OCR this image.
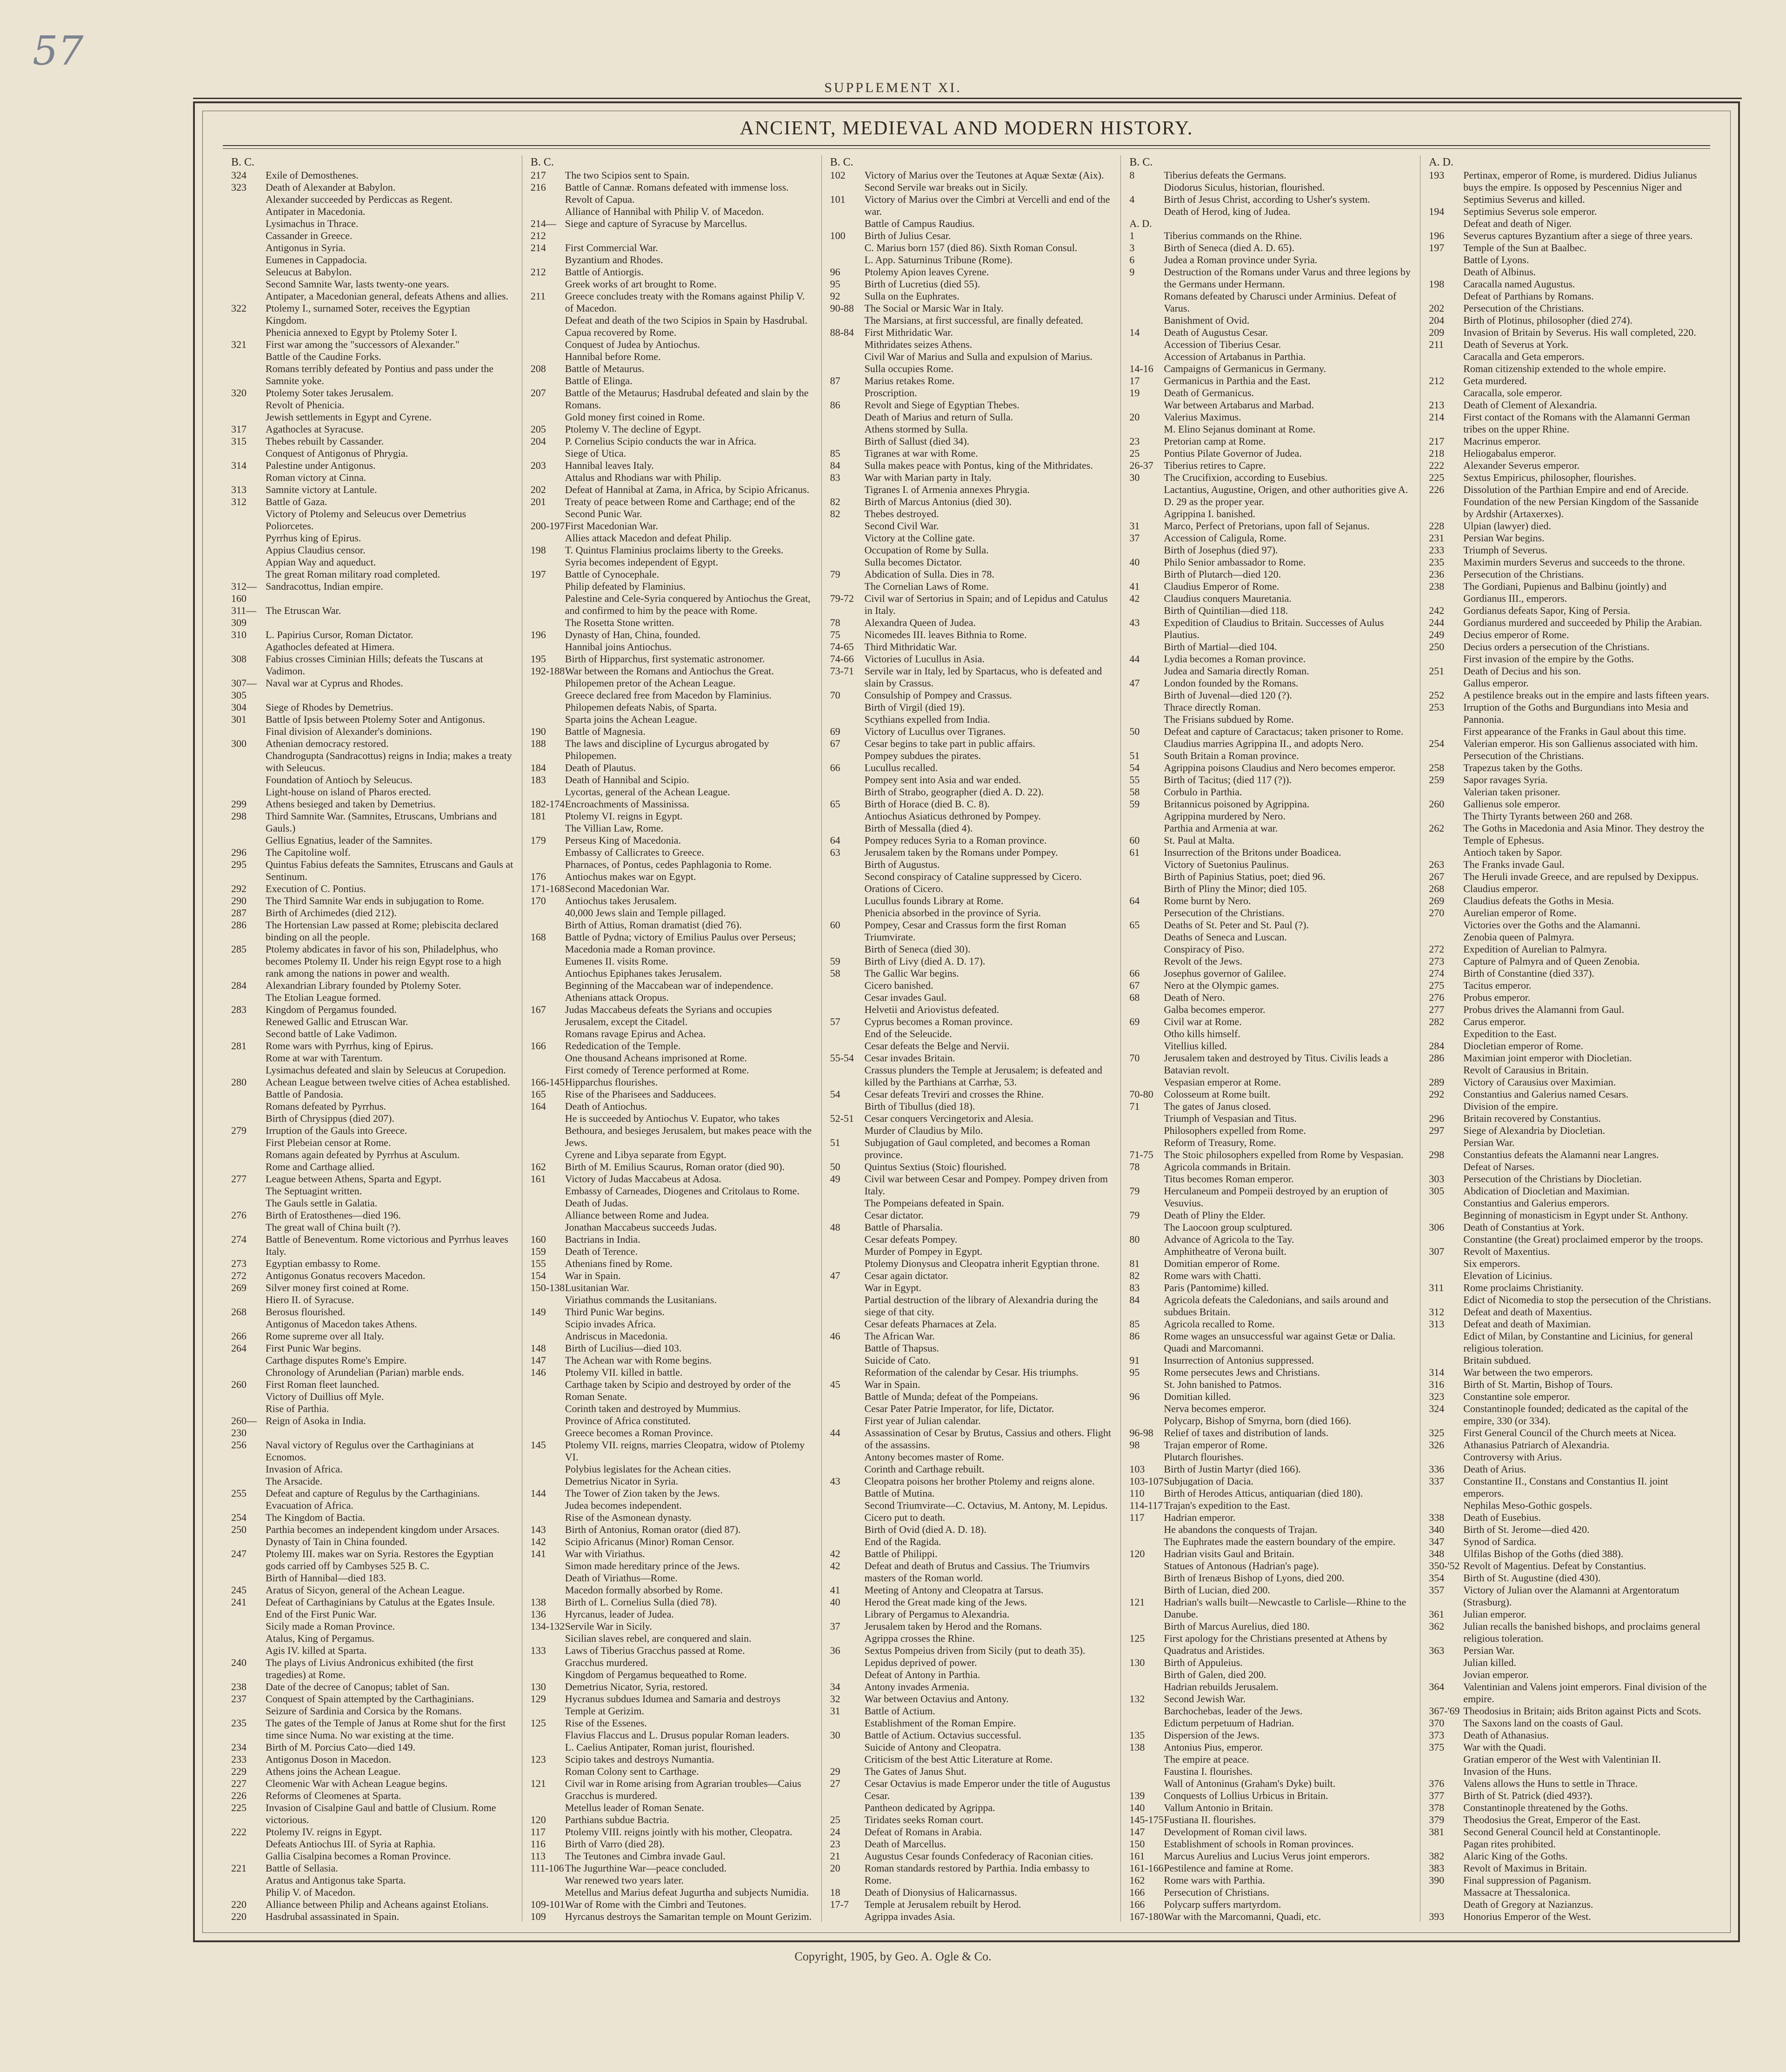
57
SUPPLEMENT XI.
ANCIENT, MEDIEVAL AND MODERN HISTORY.
B. C.
324	Exile of Demosthenes.
323	Death of Alexander at Babylon.
Alexander succeeded by Perdiccas as Regent.
Antipater in Macedonia.
Lysimachus in Thrace.
Cassander in Greece.
Antigonus in Syria.
Eumenes in Cappadocia.
Seleucus at Babylon.
Second Samnite War, lasts twenty-one years.
Antipater, a Macedonian general, defeats Athens and allies.
322	Ptolemy I., surnamed Soter, receives the Egyptian Kingdom.
Phenicia annexed to Egypt by Ptolemy Soter I.
321	First war among the "successors of Alexander."
Battle of the Caudine Forks.
Romans terribly defeated by Pontius and pass under the Samnite yoke.
320	Ptolemy Soter takes Jerusalem.
Revolt of Phenicia.
Jewish settlements in Egypt and Cyrene.
317	Agathocles at Syracuse.
315	Thebes rebuilt by Cassander.
Conquest of Antigonus of Phrygia.
314	Palestine under Antigonus.
Roman victory at Cinna.
313	Samnite victory at Lantule.
312	Battle of Gaza.
Victory of Ptolemy and Seleucus over Demetrius Poliorcetes.
Pyrrhus king of Epirus.
Appius Claudius censor.
Appian Way and aqueduct.
The great Roman military road completed.
312—160
Sandracottus, Indian empire.
311—309
The Etruscan War.
310	L. Papirius Cursor, Roman Dictator.
Agathocles defeated at Himera.
308	Fabius crosses Ciminian Hills; defeats the Tuscans at Vadimon.
307—305
Naval war at Cyprus and Rhodes.
304	Siege of Rhodes by Demetrius.
301	Battle of Ipsis between Ptolemy Soter and Antigonus.
Final division of Alexander's dominions.
300	Athenian democracy restored.
Chandrogupta (Sandracottus) reigns in India; makes a treaty with Seleucus.
Foundation of Antioch by Seleucus.
Light-house on island of Pharos erected.
299	Athens besieged and taken by Demetrius.
298	Third Samnite War. (Samnites, Etruscans, Umbrians and Gauls.)
Gellius Egnatius, leader of the Samnites.
296	The Capitoline wolf.
295	Quintus Fabius defeats the Samnites, Etruscans and Gauls at Sentinum.
292	Execution of C. Pontius.
290	The Third Samnite War ends in subjugation to Rome.
287	Birth of Archimedes (died 212).
286	The Hortensian Law passed at Rome; plebiscita declared binding on all the people.
285	Ptolemy abdicates in favor of his son, Philadelphus, who becomes Ptolemy II. Under his reign Egypt rose to a high rank among the nations in power and wealth.
284	Alexandrian Library founded by Ptolemy Soter.
The Etolian League formed.
283	Kingdom of Pergamus founded.
Renewed Gallic and Etruscan War.
Second battle of Lake Vadimon.
281	Rome wars with Pyrrhus, king of Epirus.
Rome at war with Tarentum.
Lysimachus defeated and slain by Seleucus at Corupedion.
280	Achean League between twelve cities of Achea established.
Battle of Pandosia.
Romans defeated by Pyrrhus.
Birth of Chrysippus (died 207).
279	Irruption of the Gauls into Greece.
First Plebeian censor at Rome.
Romans again defeated by Pyrrhus at Asculum.
Rome and Carthage allied.
277	League between Athens, Sparta and Egypt.
The Septuagint written.
The Gauls settle in Galatia.
276	Birth of Eratosthenes—died 196.
The great wall of China built (?).
274	Battle of Beneventum. Rome victorious and Pyrrhus leaves Italy.
273	Egyptian embassy to Rome.
272	Antigonus Gonatus recovers Macedon.
269	Silver money first coined at Rome.
Hiero II. of Syracuse.
268	Berosus flourished.
Antigonus of Macedon takes Athens.
266	Rome supreme over all Italy.
264	First Punic War begins.
Carthage disputes Rome's Empire.
Chronology of Arundelian (Parian) marble ends.
260	First Roman fleet launched.
Victory of Duillius off Myle.
Rise of Parthia.
260—230
Reign of Asoka in India.
256	Naval victory of Regulus over the Carthaginians at Ecnomos.
Invasion of Africa.
The Arsacide.
255	Defeat and capture of Regulus by the Carthaginians.
Evacuation of Africa.
254	The Kingdom of Bactia.
250	Parthia becomes an independent kingdom under Arsaces.
Dynasty of Tain in China founded.
247	Ptolemy III. makes war on Syria. Restores the Egyptian gods carried off by Cambyses 525 B. C.
Birth of Hannibal—died 183.
245	Aratus of Sicyon, general of the Achean League.
241	Defeat of Carthaginians by Catulus at the Egates Insule.
End of the First Punic War.
Sicily made a Roman Province.
Atalus, King of Pergamus.
Agis IV. killed at Sparta.
240	The plays of Livius Andronicus exhibited (the first tragedies) at Rome.
238	Date of the decree of Canopus; tablet of San.
237	Conquest of Spain attempted by the Carthaginians.
Seizure of Sardinia and Corsica by the Romans.
235	The gates of the Temple of Janus at Rome shut for the first time since Numa. No war existing at the time.
234	Birth of M. Porcius Cato—died 149.
233	Antigonus Doson in Macedon.
229	Athens joins the Achean League.
227	Cleomenic War with Achean League begins.
226	Reforms of Cleomenes at Sparta.
225	Invasion of Cisalpine Gaul and battle of Clusium. Rome victorious.
222	Ptolemy IV. reigns in Egypt.
Defeats Antiochus III. of Syria at Raphia.
Gallia Cisalpina becomes a Roman Province.
221	Battle of Sellasia.
Aratus and Antigonus take Sparta.
Philip V. of Macedon.
220	Alliance between Philip and Acheans against Etolians.
220	Hasdrubal assassinated in Spain.
B. C.
217	The two Scipios sent to Spain.
216	Battle of Cannæ. Romans defeated with immense loss.
Revolt of Capua.
Alliance of Hannibal with Philip V. of Macedon.
214—212
Siege and capture of Syracuse by Marcellus.
214	First Commercial War.
Byzantium and Rhodes.
212	Battle of Antiorgis.
Greek works of art brought to Rome.
211	Greece concludes treaty with the Romans against Philip V. of Macedon.
Defeat and death of the two Scipios in Spain by Hasdrubal.
Capua recovered by Rome.
Conquest of Judea by Antiochus.
Hannibal before Rome.
208	Battle of Metaurus.
Battle of Elinga.
207	Battle of the Metaurus; Hasdrubal defeated and slain by the Romans.
Gold money first coined in Rome.
205	Ptolemy V. The decline of Egypt.
204	P. Cornelius Scipio conducts the war in Africa.
Siege of Utica.
203	Hannibal leaves Italy.
Attalus and Rhodians war with Philip.
202	Defeat of Hannibal at Zama, in Africa, by Scipio Africanus.
201	Treaty of peace between Rome and Carthage; end of the Second Punic War.
200-197 First Macedonian War.
Allies attack Macedon and defeat Philip.
198	T. Quintus Flaminius proclaims liberty to the Greeks.
Syria becomes independent of Egypt.
197	Battle of Cynocephale.
Philip defeated by Flaminius.
Palestine and Cele-Syria conquered by Antiochus the Great, and confirmed to him by the peace with Rome.
The Rosetta Stone written.
196	Dynasty of Han, China, founded.
Hannibal joins Antiochus.
195	Birth of Hipparchus, first systematic astronomer.
192-188 War between the Romans and Antiochus the Great.
Philopemen pretor of the Achean League.
Greece declared free from Macedon by Flaminius.
Philopemen defeats Nabis, of Sparta.
Sparta joins the Achean League.
190	Battle of Magnesia.
188	The laws and discipline of Lycurgus abrogated by Philopemen.
184	Death of Plautus.
183	Death of Hannibal and Scipio.
Lycortas, general of the Achean League.
182-174 Encroachments of Massinissa.
181	Ptolemy VI. reigns in Egypt.
The Villian Law, Rome.
179	Perseus King of Macedonia.
Embassy of Callicrates to Greece.
Pharnaces, of Pontus, cedes Paphlagonia to Rome.
176	Antiochus makes war on Egypt.
171-168 Second Macedonian War.
170	Antiochus takes Jerusalem.
40,000 Jews slain and Temple pillaged.
Birth of Attius, Roman dramatist (died 76).
168	Battle of Pydna; victory of Emilius Paulus over Perseus; Macedonia made a Roman province.
Eumenes II. visits Rome.
Antiochus Epiphanes takes Jerusalem.
Beginning of the Maccabean war of independence.
Athenians attack Oropus.
167	Judas Maccabeus defeats the Syrians and occupies Jerusalem, except the Citadel.
Romans ravage Epirus and Achea.
166	Rededication of the Temple.
One thousand Acheans imprisoned at Rome.
First comedy of Terence performed at Rome.
166-145 Hipparchus flourishes.
165	Rise of the Pharisees and Sadducees.
164	Death of Antiochus.
He is succeeded by Antiochus V. Eupator, who takes Bethoura, and besieges Jerusalem, but makes peace with the Jews.
Cyrene and Libya separate from Egypt.
162	Birth of M. Emilius Scaurus, Roman orator (died 90).
161	Victory of Judas Maccabeus at Adosa.
Embassy of Carneades, Diogenes and Critolaus to Rome.
Death of Judas.
Alliance between Rome and Judea.
Jonathan Maccabeus succeeds Judas.
160	Bactrians in India.
159	Death of Terence.
155	Athenians fined by Rome.
154	War in Spain.
150-138 Lusitanian War.
Viriathus commands the Lusitanians.
149	Third Punic War begins.
Scipio invades Africa.
Andriscus in Macedonia.
148	Birth of Lucilius—died 103.
147	The Achean war with Rome begins.
146	Ptolemy VII. killed in battle.
Carthage taken by Scipio and destroyed by order of the Roman Senate.
Corinth taken and destroyed by Mummius.
Province of Africa constituted.
Greece becomes a Roman Province.
145	Ptolemy VII. reigns, marries Cleopatra, widow of Ptolemy VI.
Polybius legislates for the Achean cities.
Demetrius Nicator in Syria.
144	The Tower of Zion taken by the Jews.
Judea becomes independent.
Rise of the Asmonean dynasty.
143	Birth of Antonius, Roman orator (died 87).
142	Scipio Africanus (Minor) Roman Censor.
141	War with Viriathus.
Simon made hereditary prince of the Jews.
Death of Viriathus—Rome.
Macedon formally absorbed by Rome.
138	Birth of L. Cornelius Sulla (died 78).
136	Hyrcanus, leader of Judea.
134-132 Servile War in Sicily.
Sicilian slaves rebel, are conquered and slain.
133	Laws of Tiberius Gracchus passed at Rome.
Gracchus murdered.
Kingdom of Pergamus bequeathed to Rome.
130	Demetrius Nicator, Syria, restored.
129	Hycranus subdues Idumea and Samaria and destroys Temple at Gerizim.
125	Rise of the Essenes.
Flavius Flaccus and L. Drusus popular Roman leaders.
L. Caelius Antipater, Roman jurist, flourished.
123	Scipio takes and destroys Numantia.
Roman Colony sent to Carthage.
121	Civil war in Rome arising from Agrarian troubles—Caius Gracchus is murdered.
Metellus leader of Roman Senate.
120	Parthians subdue Bactria.
117	Ptolemy VIII. reigns jointly with his mother, Cleopatra.
116	Birth of Varro (died 28).
113	The Teutones and Cimbra invade Gaul.
111-106 The Jugurthine War—peace concluded.
War renewed two years later.
Metellus and Marius defeat Jugurtha and subjects Numidia.
109-101 War of Rome with the Cimbri and Teutones.
109	Hyrcanus destroys the Samaritan temple on Mount Gerizim.
B. C.
102	Victory of Marius over the Teutones at Aquæ Sextæ (Aix).
Second Servile war breaks out in Sicily.
101	Victory of Marius over the Cimbri at Vercelli and end of the war.
Battle of Campus Raudius.
100	Birth of Julius Cesar.
C. Marius born 157 (died 86). Sixth Roman Consul.
L. App. Saturninus Tribune (Rome).
96	Ptolemy Apion leaves Cyrene.
95	Birth of Lucretius (died 55).
92	Sulla on the Euphrates.
90-88	The Social or Marsic War in Italy.
The Marsians, at first successful, are finally defeated.
88-84	First Mithridatic War.
Mithridates seizes Athens.
Civil War of Marius and Sulla and expulsion of Marius.
Sulla occupies Rome.
87	Marius retakes Rome.
Proscription.
86	Revolt and Siege of Egyptian Thebes.
Death of Marius and return of Sulla.
Athens stormed by Sulla.
Birth of Sallust (died 34).
85	Tigranes at war with Rome.
84	Sulla makes peace with Pontus, king of the Mithridates.
83	War with Marian party in Italy.
Tigranes I. of Armenia annexes Phrygia.
82	Birth of Marcus Antonius (died 30).
82	Thebes destroyed.
Second Civil War.
Victory at the Colline gate.
Occupation of Rome by Sulla.
Sulla becomes Dictator.
79	Abdication of Sulla. Dies in 78.
The Cornelian Laws of Rome.
79-72	Civil war of Sertorius in Spain; and of Lepidus and Catulus in Italy.
78	Alexandra Queen of Judea.
75	Nicomedes III. leaves Bithnia to Rome.
74-65	Third Mithridatic War.
74-66	Victories of Lucullus in Asia.
73-71	Servile war in Italy, led by Spartacus, who is defeated and slain by Crassus.
70	Consulship of Pompey and Crassus.
Birth of Virgil (died 19).
Scythians expelled from India.
69	Victory of Lucullus over Tigranes.
67	Cesar begins to take part in public affairs.
Pompey subdues the pirates.
66	Lucullus recalled.
Pompey sent into Asia and war ended.
Birth of Strabo, geographer (died A. D. 22).
65	Birth of Horace (died B. C. 8).
Antiochus Asiaticus dethroned by Pompey.
Birth of Messalla (died 4).
64	Pompey reduces Syria to a Roman province.
63	Jerusalem taken by the Romans under Pompey.
Birth of Augustus.
Second conspiracy of Cataline suppressed by Cicero.
Orations of Cicero.
Lucullus founds Library at Rome.
Phenicia absorbed in the province of Syria.
60	Pompey, Cesar and Crassus form the first Roman Triumvirate.
Birth of Seneca (died 30).
59	Birth of Livy (died A. D. 17).
58	The Gallic War begins.
Cicero banished.
Cesar invades Gaul.
Helvetii and Ariovistus defeated.
57	Cyprus becomes a Roman province.
End of the Seleucide.
Cesar defeats the Belge and Nervii.
55-54	Cesar invades Britain.
Crassus plunders the Temple at Jerusalem; is defeated and killed by the Parthians at Carrhæ, 53.
54	Cesar defeats Treviri and crosses the Rhine.
Birth of Tibullus (died 18).
52-51	Cesar conquers Vercingetorix and Alesia.
Murder of Claudius by Milo.
51	Subjugation of Gaul completed, and becomes a Roman province.
50	Quintus Sextius (Stoic) flourished.
49	Civil war between Cesar and Pompey. Pompey driven from Italy.
The Pompeians defeated in Spain.
Cesar dictator.
48	Battle of Pharsalia.
Cesar defeats Pompey.
Murder of Pompey in Egypt.
Ptolemy Dionysus and Cleopatra inherit Egyptian throne.
47	Cesar again dictator.
War in Egypt.
Partial destruction of the library of Alexandria during the siege of that city.
Cesar defeats Pharnaces at Zela.
46	The African War.
Battle of Thapsus.
Suicide of Cato.
Reformation of the calendar by Cesar. His triumphs.
45	War in Spain.
Battle of Munda; defeat of the Pompeians.
Cesar Pater Patrie Imperator, for life, Dictator.
First year of Julian calendar.
44	Assassination of Cesar by Brutus, Cassius and others. Flight of the assassins.
Antony becomes master of Rome.
Corinth and Carthage rebuilt.
43	Cleopatra poisons her brother Ptolemy and reigns alone.
Battle of Mutina.
Second Triumvirate—C. Octavius, M. Antony, M. Lepidus.
Cicero put to death.
Birth of Ovid (died A. D. 18).
End of the Ragida.
42	Battle of Philippi.
42	Defeat and death of Brutus and Cassius. The Triumvirs masters of the Roman world.
41	Meeting of Antony and Cleopatra at Tarsus.
40	Herod the Great made king of the Jews.
Library of Pergamus to Alexandria.
37	Jerusalem taken by Herod and the Romans.
Agrippa crosses the Rhine.
36	Sextus Pompeius driven from Sicily (put to death 35).
Lepidus deprived of power.
Defeat of Antony in Parthia.
34	Antony invades Armenia.
32	War between Octavius and Antony.
31	Battle of Actium.
Establishment of the Roman Empire.
30	Battle of Actium. Octavius successful.
Suicide of Antony and Cleopatra.
Criticism of the best Attic Literature at Rome.
29	The Gates of Janus Shut.
27	Cesar Octavius is made Emperor under the title of Augustus Cesar.
Pantheon dedicated by Agrippa.
25	Tiridates seeks Roman court.
24	Defeat of Romans in Arabia.
23	Death of Marcellus.
21	Augustus Cesar founds Confederacy of Raconian cities.
20	Roman standards restored by Parthia. India embassy to Rome.
18	Death of Dionysius of Halicarnassus.
17-7	Temple at Jerusalem rebuilt by Herod.
Agrippa invades Asia.
B. C.
8	Tiberius defeats the Germans.
Diodorus Siculus, historian, flourished.
4	Birth of Jesus Christ, according to Usher's system.
Death of Herod, king of Judea.
A. D.
1	Tiberius commands on the Rhine.
3	Birth of Seneca (died A. D. 65).
6	Judea a Roman province under Syria.
9	Destruction of the Romans under Varus and three legions by the Germans under Hermann.
Romans defeated by Charusci under Arminius. Defeat of Varus.
Banishment of Ovid.
14	Death of Augustus Cesar.
Accession of Tiberius Cesar.
Accession of Artabanus in Parthia.
14-16	Campaigns of Germanicus in Germany.
17	Germanicus in Parthia and the East.
19	Death of Germanicus.
War between Artabarus and Marbad.
20	Valerius Maximus.
M. Elino Sejanus dominant at Rome.
23	Pretorian camp at Rome.
25	Pontius Pilate Governor of Judea.
26-37	Tiberius retires to Capre.
30	The Crucifixion, according to Eusebius.
Lactantius, Augustine, Origen, and other authorities give A. D. 29 as the proper year.
Agrippina I. banished.
31	Marco, Perfect of Pretorians, upon fall of Sejanus.
37	Accession of Caligula, Rome.
Birth of Josephus (died 97).
40	Philo Senior ambassador to Rome.
Birth of Plutarch—died 120.
41	Claudius Emperor of Rome.
42	Claudius conquers Mauretania.
Birth of Quintilian—died 118.
43	Expedition of Claudius to Britain. Successes of Aulus Plautius.
Birth of Martial—died 104.
44	Lydia becomes a Roman province.
Judea and Samaria directly Roman.
47	London founded by the Romans.
Birth of Juvenal—died 120 (?).
Thrace directly Roman.
The Frisians subdued by Rome.
50	Defeat and capture of Caractacus; taken prisoner to Rome.
Claudius marries Agrippina II., and adopts Nero.
51	South Britain a Roman province.
54	Agrippina poisons Claudius and Nero becomes emperor.
55	Birth of Tacitus; (died 117 (?)).
58	Corbulo in Parthia.
59	Britannicus poisoned by Agrippina.
Agrippina murdered by Nero.
Parthia and Armenia at war.
60	St. Paul at Malta.
61	Insurrection of the Britons under Boadicea.
Victory of Suetonius Paulinus.
Birth of Papinius Statius, poet; died 96.
Birth of Pliny the Minor; died 105.
64	Rome burnt by Nero.
Persecution of the Christians.
65	Deaths of St. Peter and St. Paul (?).
Deaths of Seneca and Luscan.
Conspiracy of Piso.
Revolt of the Jews.
66	Josephus governor of Galilee.
67	Nero at the Olympic games.
68	Death of Nero.
Galba becomes emperor.
69	Civil war at Rome.
Otho kills himself.
Vitellius killed.
70	Jerusalem taken and destroyed by Titus. Civilis leads a Batavian revolt.
Vespasian emperor at Rome.
70-80	Colosseum at Rome built.
71	The gates of Janus closed.
Triumph of Vespasian and Titus.
Philosophers expelled from Rome.
Reform of Treasury, Rome.
71-75	The Stoic philosophers expelled from Rome by Vespasian.
78	Agricola commands in Britain.
Titus becomes Roman emperor.
79	Herculaneum and Pompeii destroyed by an eruption of Vesuvius.
79	Death of Pliny the Elder.
The Laocoon group sculptured.
80	Advance of Agricola to the Tay.
Amphitheatre of Verona built.
81	Domitian emperor of Rome.
82	Rome wars with Chatti.
83	Paris (Pantomime) killed.
84	Agricola defeats the Caledonians, and sails around and subdues Britain.
85	Agricola recalled to Rome.
86	Rome wages an unsuccessful war against Getæ or Dalia.
Quadi and Marcomanni.
91	Insurrection of Antonius suppressed.
95	Rome persecutes Jews and Christians.
St. John banished to Patmos.
96	Domitian killed.
Nerva becomes emperor.
Polycarp, Bishop of Smyrna, born (died 166).
96-98	Relief of taxes and distribution of lands.
98	Trajan emperor of Rome.
Plutarch flourishes.
103	Birth of Justin Martyr (died 166).
103-107 Subjugation of Dacia.
110	Birth of Herodes Atticus, antiquarian (died 180).
114-117 Trajan's expedition to the East.
117	Hadrian emperor.
He abandons the conquests of Trajan.
The Euphrates made the eastern boundary of the empire.
120	Hadrian visits Gaul and Britain.
Statues of Antonous (Hadrian's page).
Birth of Irenæus Bishop of Lyons, died 200.
Birth of Lucian, died 200.
121	Hadrian's walls built—Newcastle to Carlisle—Rhine to the Danube.
Birth of Marcus Aurelius, died 180.
125	First apology for the Christians presented at Athens by Quadratus and Aristides.
130	Birth of Appuleius.
Birth of Galen, died 200.
Hadrian rebuilds Jerusalem.
132	Second Jewish War.
Barchochebas, leader of the Jews.
Edictum perpetuum of Hadrian.
135	Dispersion of the Jews.
138	Antonius Pius, emperor.
The empire at peace.
Faustina I. flourishes.
Wall of Antoninus (Graham's Dyke) built.
139	Conquests of Lollius Urbicus in Britain.
140	Vallum Antonio in Britain.
145-175 Fustiana II. flourishes.
147	Development of Roman civil laws.
150	Establishment of schools in Roman provinces.
161	Marcus Aurelius and Lucius Verus joint emperors.
161-166 Pestilence and famine at Rome.
162	Rome wars with Parthia.
166	Persecution of Christians.
166	Polycarp suffers martyrdom.
167-180 War with the Marcomanni, Quadi, etc.
A. D.
193	Pertinax, emperor of Rome, is murdered. Didius Julianus buys the empire. Is opposed by Pescennius Niger and Septimius Severus and killed.
194	Septimius Severus sole emperor.
Defeat and death of Niger.
196	Severus captures Byzantium after a siege of three years.
197	Temple of the Sun at Baalbec.
Battle of Lyons.
Death of Albinus.
198	Caracalla named Augustus.
Defeat of Parthians by Romans.
202	Persecution of the Christians.
204	Birth of Plotinus, philosopher (died 274).
209	Invasion of Britain by Severus. His wall completed, 220.
211	Death of Severus at York.
Caracalla and Geta emperors.
Roman citizenship extended to the whole empire.
212	Geta murdered.
Caracalla, sole emperor.
213	Death of Clement of Alexandria.
214	First contact of the Romans with the Alamanni German tribes on the upper Rhine.
217	Macrinus emperor.
218	Heliogabalus emperor.
222	Alexander Severus emperor.
225	Sextus Empiricus, philosopher, flourishes.
226	Dissolution of the Parthian Empire and end of Arecide.
Foundation of the new Persian Kingdom of the Sassanide by Ardshir (Artaxerxes).
228	Ulpian (lawyer) died.
231	Persian War begins.
233	Triumph of Severus.
235	Maximin murders Severus and succeeds to the throne.
236	Persecution of the Christians.
238	The Gordiani, Pupienus and Balbinu (jointly) and Gordianus III., emperors.
242	Gordianus defeats Sapor, King of Persia.
244	Gordianus murdered and succeeded by Philip the Arabian.
249	Decius emperor of Rome.
250	Decius orders a persecution of the Christians.
First invasion of the empire by the Goths.
251	Death of Decius and his son.
Gallus emperor.
252	A pestilence breaks out in the empire and lasts fifteen years.
253	Irruption of the Goths and Burgundians into Mesia and Pannonia.
First appearance of the Franks in Gaul about this time.
254	Valerian emperor. His son Gallienus associated with him.
Persecution of the Christians.
258	Trapezus taken by the Goths.
259	Sapor ravages Syria.
Valerian taken prisoner.
260	Gallienus sole emperor.
The Thirty Tyrants between 260 and 268.
262	The Goths in Macedonia and Asia Minor. They destroy the Temple of Ephesus.
Antioch taken by Sapor.
263	The Franks invade Gaul.
267	The Heruli invade Greece, and are repulsed by Dexippus.
268	Claudius emperor.
269	Claudius defeats the Goths in Mesia.
270	Aurelian emperor of Rome.
Victories over the Goths and the Alamanni.
Zenobia queen of Palmyra.
272	Expedition of Aurelian to Palmyra.
273	Capture of Palmyra and of Queen Zenobia.
274	Birth of Constantine (died 337).
275	Tacitus emperor.
276	Probus emperor.
277	Probus drives the Alamanni from Gaul.
282	Carus emperor.
Expedition to the East.
284	Diocletian emperor of Rome.
286	Maximian joint emperor with Diocletian.
Revolt of Carausius in Britain.
289	Victory of Carausius over Maximian.
292	Constantius and Galerius named Cesars.
Division of the empire.
296	Britain recovered by Constantius.
297	Siege of Alexandria by Diocletian.
Persian War.
298	Constantius defeats the Alamanni near Langres.
Defeat of Narses.
303	Persecution of the Christians by Diocletian.
305	Abdication of Diocletian and Maximian.
Constantius and Galerius emperors.
Beginning of monasticism in Egypt under St. Anthony.
306	Death of Constantius at York.
Constantine (the Great) proclaimed emperor by the troops.
307	Revolt of Maxentius.
Six emperors.
Elevation of Licinius.
311	Rome proclaims Christianity.
Edict of Nicomedia to stop the persecution of the Christians.
312	Defeat and death of Maxentius.
313	Defeat and death of Maximian.
Edict of Milan, by Constantine and Licinius, for general religious toleration.
Britain subdued.
314	War between the two emperors.
316	Birth of St. Martin, Bishop of Tours.
323	Constantine sole emperor.
324	Constantinople founded; dedicated as the capital of the empire, 330 (or 334).
325	First General Council of the Church meets at Nicea.
326	Athanasius Patriarch of Alexandria.
Controversy with Arius.
336	Death of Arius.
337	Constantine II., Constans and Constantius II. joint emperors.
Nephilas Meso-Gothic gospels.
338	Death of Eusebius.
340	Birth of St. Jerome—died 420.
347	Synod of Sardica.
348	Ulfilas Bishop of the Goths (died 388).
350-'52 Revolt of Magentius. Defeat by Constantius.
354	Birth of St. Augustine (died 430).
357	Victory of Julian over the Alamanni at Argentoratum (Strasburg).
361	Julian emperor.
362	Julian recalls the banished bishops, and proclaims general religious toleration.
363	Persian War.
Julian killed.
Jovian emperor.
364	Valentinian and Valens joint emperors. Final division of the empire.
367-'69 Theodosius in Britain; aids Briton against Picts and Scots.
370	The Saxons land on the coasts of Gaul.
373	Death of Athanasius.
375	War with the Quadi.
Gratian emperor of the West with Valentinian II.
Invasion of the Huns.
376	Valens allows the Huns to settle in Thrace.
377	Birth of St. Patrick (died 493?).
378	Constantinople threatened by the Goths.
379	Theodosius the Great, Emperor of the East.
381	Second General Council held at Constantinople.
Pagan rites prohibited.
382	Alaric King of the Goths.
383	Revolt of Maximus in Britain.
390	Final suppression of Paganism.
Massacre at Thessalonica.
Death of Gregory at Nazianzus.
393	Honorius Emperor of the West.
Copyright, 1905, by Geo. A. Ogle & Co.
